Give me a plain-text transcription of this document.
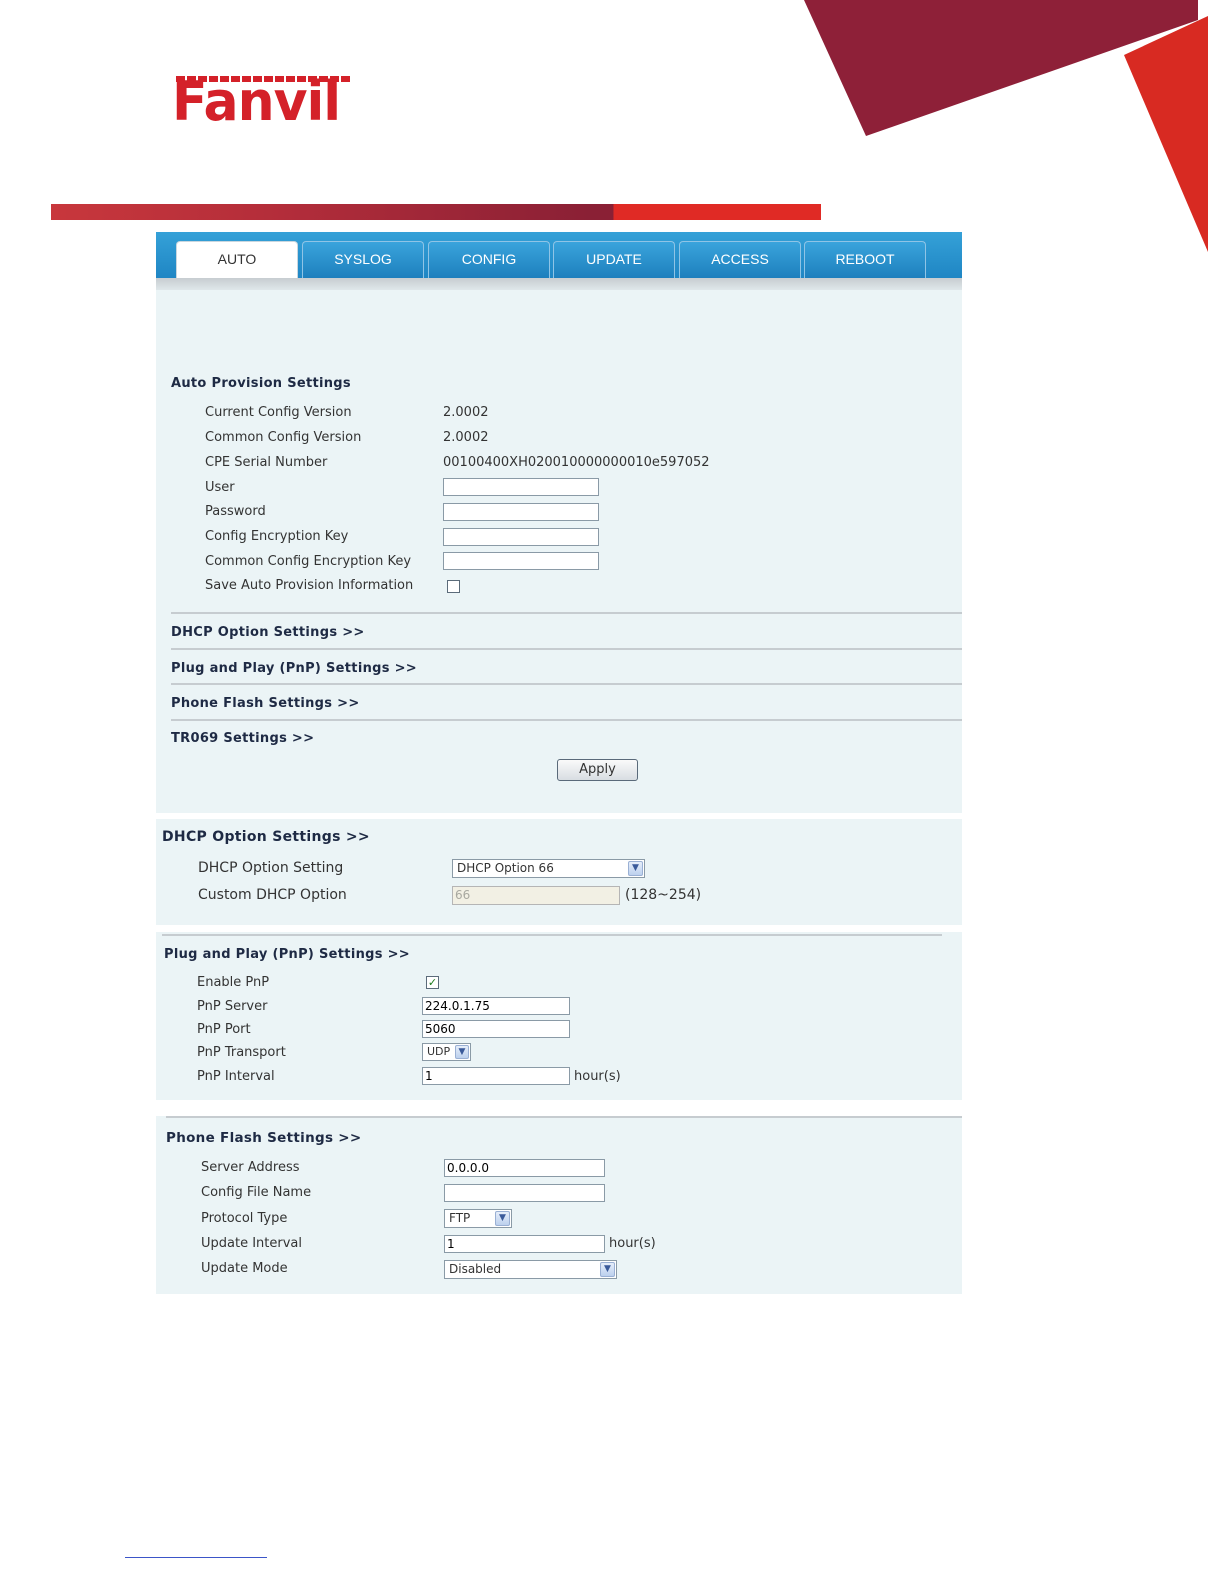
Fanvil
AUTO	SYSLOG	CONFIG	UPDATE	ACCESS	REBOOT
Auto Provision Settings
Current Config Version	2.0002
Common Config Version	2.0002
CPE Serial Number	00100400XH020010000000010e597052
User
Password
Config Encryption Key
Common Config Encryption Key
Save Auto Provision Information
DHCP Option Settings >>
Plug and Play (PnP) Settings >>
Phone Flash Settings >>
TR069 Settings >>
Apply
DHCP Option Settings >>
DHCP Option Setting	DHCP Option 66	▼
Custom DHCP Option	66	(128~254)
Plug and Play (PnP) Settings >>
Enable PnP	✓
PnP Server	224.0.1.75
PnP Port	5060
PnP Transport	UDP ▼
PnP Interval	1	hour(s)
Phone Flash Settings >>
Server Address	0.0.0.0
Config File Name
Protocol Type	FTP	▼
Update Interval	1	hour(s)
Update Mode	Disabled	▼
